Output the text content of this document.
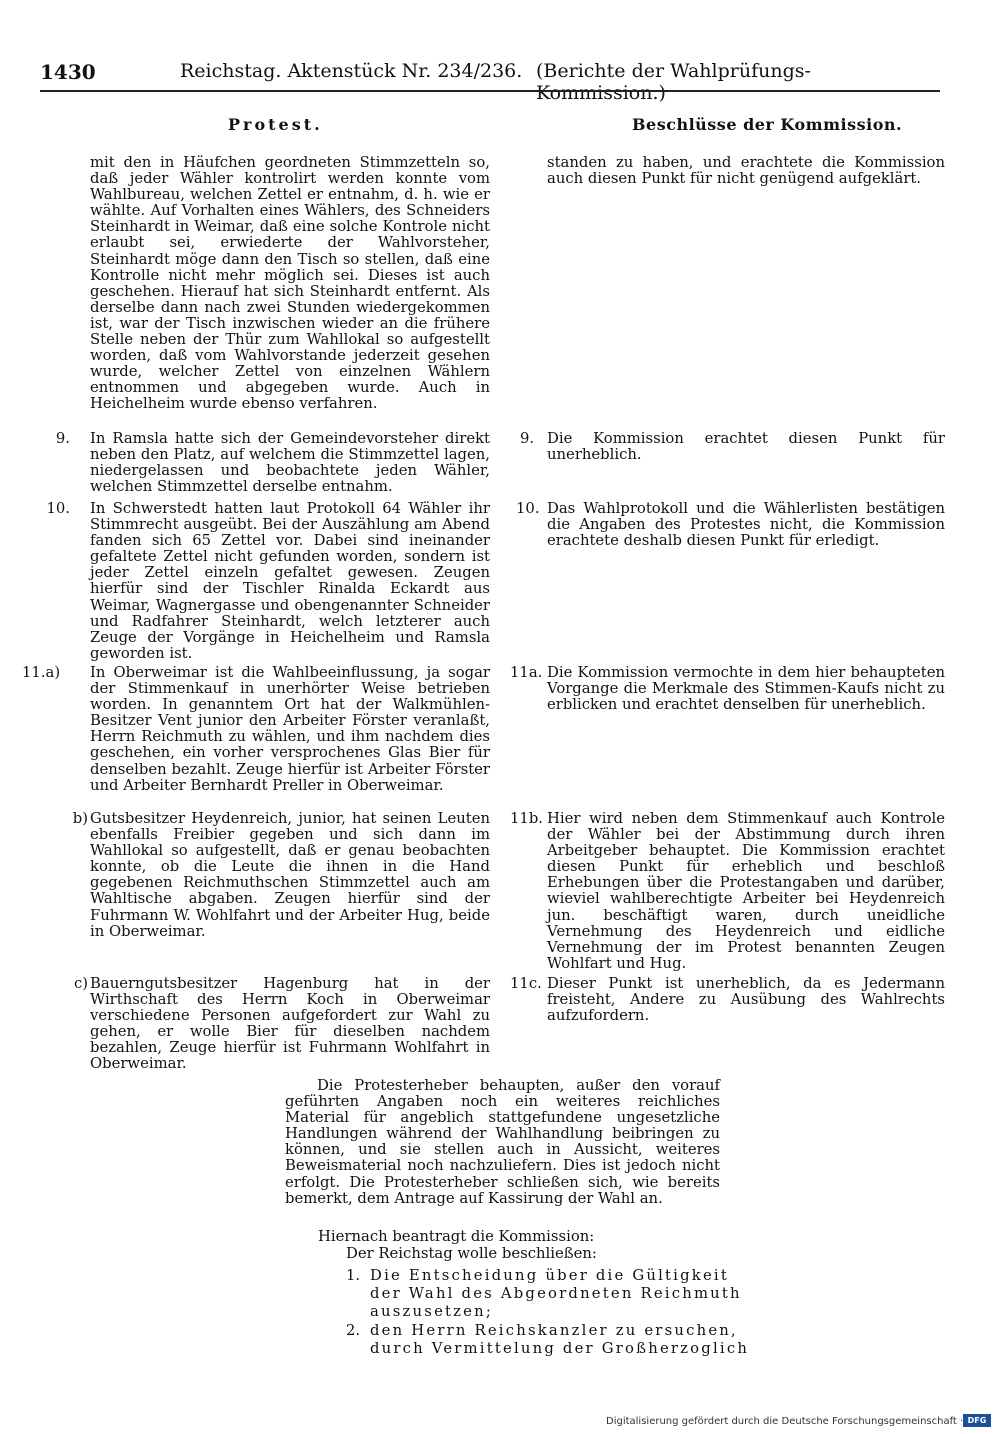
1430	Reichstag. Aktenstück Nr. 234/236. (Berichte der Wahlprüfungs-Kommission.)
Protest.	Beschlüsse der Kommission.
mit den in Häufchen geordneten Stimmzetteln so, daß jeder Wähler kontrolirt werden konnte vom Wahlbureau, welchen Zettel er entnahm, d. h. wie er wählte. Auf Vorhalten eines Wählers, des Schneiders Steinhardt in Weimar, daß eine solche Kontrole nicht erlaubt sei, erwiederte der Wahlvorsteher, Steinhardt möge dann den Tisch so stellen, daß eine Kontrolle nicht mehr möglich sei. Dieses ist auch geschehen. Hierauf hat sich Steinhardt entfernt. Als derselbe dann nach zwei Stunden wiedergekommen ist, war der Tisch inzwischen wieder an die frühere Stelle neben der Thür zum Wahllokal so aufgestellt worden, daß vom Wahlvorstande jederzeit gesehen wurde, welcher Zettel von einzelnen Wählern entnommen und abgegeben wurde. Auch in Heichelheim wurde ebenso verfahren.
9. In Ramsla hatte sich der Gemeindevorsteher direkt neben den Platz, auf welchem die Stimmzettel lagen, niedergelassen und beobachtete jeden Wähler, welchen Stimmzettel derselbe entnahm.
10. In Schwerstedt hatten laut Protokoll 64 Wähler ihr Stimmrecht ausgeübt. Bei der Auszählung am Abend fanden sich 65 Zettel vor. Dabei sind ineinander gefaltete Zettel nicht gefunden worden, sondern ist jeder Zettel einzeln gefaltet gewesen. Zeugen hierfür sind der Tischler Rinalda Eckardt aus Weimar, Wagnergasse und obengenannter Schneider und Radfahrer Steinhardt, welch letzterer auch Zeuge der Vorgänge in Heichelheim und Ramsla geworden ist.
11.a)	In Oberweimar ist die Wahlbeeinflussung, ja sogar der Stimmenkauf in unerhörter Weise betrieben worden. In genanntem Ort hat der Walkmühlen-Besitzer Vent junior den Arbeiter Förster veranlaßt, Herrn Reichmuth zu wählen, und ihm nachdem dies geschehen, ein vorher versprochenes Glas Bier für denselben bezahlt. Zeuge hierfür ist Arbeiter Förster und Arbeiter Bernhardt Preller in Oberweimar.
b) Gutsbesitzer Heydenreich, junior, hat seinen Leuten ebenfalls Freibier gegeben und sich dann im Wahllokal so aufgestellt, daß er genau beobachten konnte, ob die Leute die ihnen in die Hand gegebenen Reichmuthschen Stimmzettel auch am Wahltische abgaben. Zeugen hierfür sind der Fuhrmann W. Wohlfahrt und der Arbeiter Hug, beide in Oberweimar.
c) Bauerngutsbesitzer Hagenburg hat in der Wirthschaft des Herrn Koch in Oberweimar verschiedene Personen aufgefordert zur Wahl zu gehen, er wolle Bier für dieselben nachdem bezahlen, Zeuge hierfür ist Fuhrmann Wohlfahrt in Oberweimar.
standen zu haben, und erachtete die Kommission auch diesen Punkt für nicht genügend aufgeklärt.
9. Die Kommission erachtet diesen Punkt für unerheblich.
10. Das Wahlprotokoll und die Wählerlisten bestätigen die Angaben des Protestes nicht, die Kommission erachtete deshalb diesen Punkt für erledigt.
11a. Die Kommission vermochte in dem hier behaupteten Vorgange die Merkmale des Stimmen-Kaufs nicht zu erblicken und erachtet denselben für unerheblich.
11b. Hier wird neben dem Stimmenkauf auch Kontrole der Wähler bei der Abstimmung durch ihren Arbeitgeber behauptet. Die Kommission erachtet diesen Punkt für erheblich und beschloß Erhebungen über die Protestangaben und darüber, wieviel wahlberechtigte Arbeiter bei Heydenreich jun. beschäftigt waren, durch uneidliche Vernehmung des Heydenreich und eidliche Vernehmung der im Protest benannten Zeugen Wohlfart und Hug.
11c. Dieser Punkt ist unerheblich, da es Jedermann freisteht, Andere zu Ausübung des Wahlrechts aufzufordern.
Die Protesterheber behaupten, außer den vorauf geführten Angaben noch ein weiteres reichliches Material für angeblich stattgefundene ungesetzliche Handlungen während der Wahlhandlung beibringen zu können, und sie stellen auch in Aussicht, weiteres Beweismaterial noch nachzuliefern. Dies ist jedoch nicht erfolgt. Die Protesterheber schließen sich, wie bereits bemerkt, dem Antrage auf Kassirung der Wahl an.
Hiernach beantragt die Kommission:
Der Reichstag wolle beschließen:
1. Die Entscheidung über die Gültigkeit
der Wahl des Abgeordneten Reichmuth
auszusetzen;
2. den Herrn Reichskanzler zu ersuchen,
durch Vermittelung der Großherzoglich
Digitalisierung gefördert durch die Deutsche Forschungsgemeinschaft · DFG
